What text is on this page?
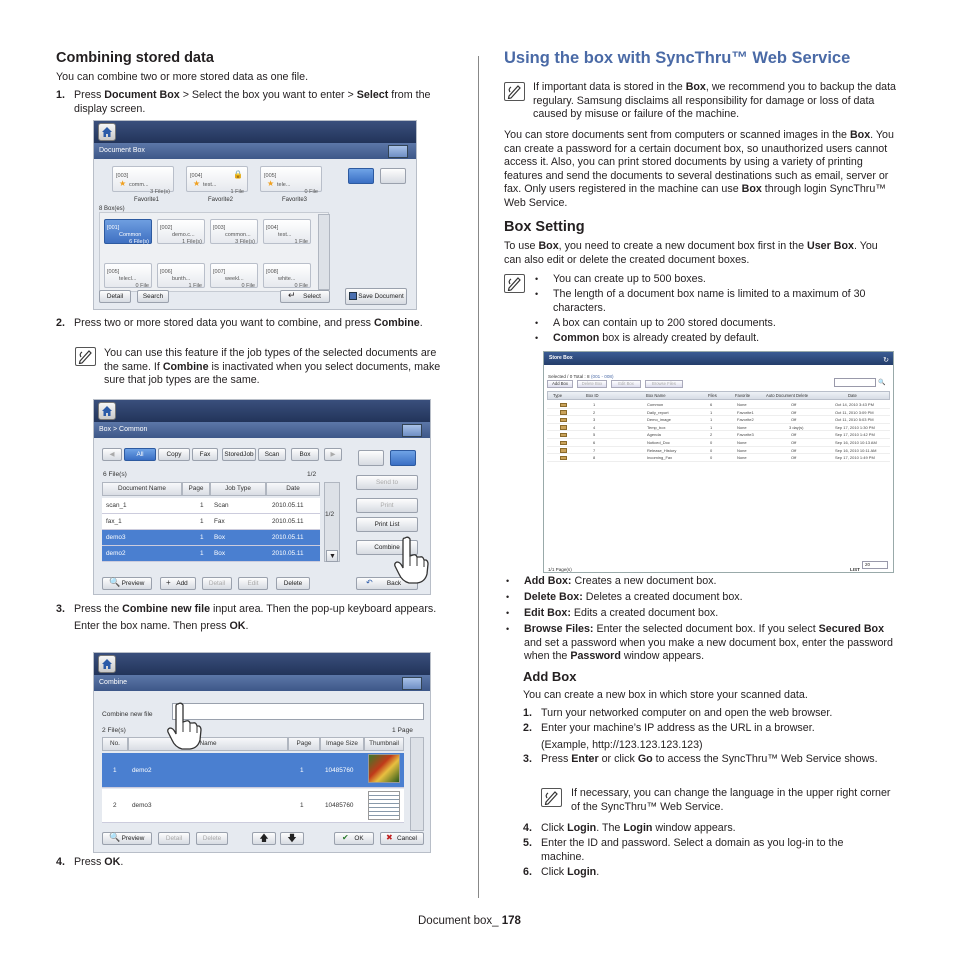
Combining stored data
You can combine two or more stored data as one file.
1. Press Document Box > Select the box you want to enter > Select from the display screen.
Document Box
[003]
★ comm...
3 File(s)
[004]	🔒
★ test...
1 File
[005]
★ tele...
0 File
Favorite1	Favorite2	Favorite3
8 Box(es)
[001]
Common
6 File(s)
[002]
demo.c...
1 File(s)
[003]
common...
3 File(s)
[004]
test...
1 File
[005]
telecl...
0 File
[006]
bunth...
1 File
[007]
weekl...
0 File
[008]
white...
0 File
Detail	Search	Select
↵	Save Document
2. Press two or more stored data you want to combine, and press Combine.
You can use this feature if the job types of the selected documents are the same. If Combine is inactivated when you select documents, make sure that job types are the same.
Box > Common
◀	All	Copy	Fax	StoredJob	Scan	Box	▶
6 File(s)	1/2
Document Name	Page	Job Type	Date
scan_1	1 Scan	2010.05.11
fax_1	1 Fax	2010.05.11
demo3	1 Box	2010.05.11
demo2	1 Box	2010.05.11
1/2
▼
Send to
Print
Print List
Combine
Preview
🔍	Add
+	Detail	Edit	Delete	Back
↶
3. Press the Combine new file input area. Then the pop-up keyboard appears.
Enter the box name. Then press OK.
Combine
Combine new file
2 File(s)	1 Page
No.	Name	Page	Image Size	Thumbnail
1 demo2	1	10485760
2 demo3	1	10485760
Preview
🔍	Detail	Delete	🡅	🡇	OK
✔	Cancel
✖
4. Press OK.
Using the box with SyncThru™ Web Service
If important data is stored in the Box, we recommend you to backup the data regulary. Samsung disclaims all responsibility for damage or loss of data caused by misuse or failure of the machine.
You can store documents sent from computers or scanned images in the Box. You can create a password for a certain document box, so unauthorized users cannot access it. Also, you can print stored documents by using a variety of printing features and send the documents to several destinations such as email, server or fax. Only users registered in the machine can use Box through login SyncThru™ Web Service.
Box Setting
To use Box, you need to create a new document box first in the User Box. You can also edit or delete the created document boxes.
• You can create up to 500 boxes.
• The length of a document box name is limited to a maximum of 30 characters.
• A box can contain up to 200 stored documents.
• Common box is already created by default.
Store Box	↻
Selected / 0 Total : 8 (001 - 008)
Add Box	Delete Box	Edit Box	Browse Files	🔍
Type	Box ID	Box Name	Files	Favorite	Auto Document Delete	Date
1	Common	6	None	Off	Oct 14, 2010 3:43 PM
2	Daily_report	1	Favorite1	Off	Oct 11, 2010 3:09 PM
3	Demo_image	1	Favorite2	Off	Oct 11, 2010 5:03 PM
4	Temp_box	1	None	3 day(s)	Sep 17, 2010 1:30 PM
5	Agenda	2	Favorite3	Off	Sep 17, 2010 1:42 PM
6	Noticed_Doc	0	None	Off	Sep 16, 2010 10:13 AM
7	Release_History	0	None	Off	Sep 16, 2010 10:11 AM
8	Incoming_Fax	0	None	Off	Sep 17, 2010 1:49 PM
1/1 Page(s)	LIST
20
• Add Box: Creates a new document box.
• Delete Box: Deletes a created document box.
• Edit Box: Edits a created document box.
• Browse Files: Enter the selected document box. If you select Secured Box and set a password when you make a new document box, enter the password when the Password window appears.
Add Box
You can create a new box in which store your scanned data.
1. Turn your networked computer on and open the web browser.
2. Enter your machine’s IP address as the URL in a browser.
(Example, http://123.123.123.123)
3. Press Enter or click Go to access the SyncThru™ Web Service shows.
If necessary, you can change the language in the upper right corner of the SyncThru™ Web Service.
4. Click Login. The Login window appears.
5. Enter the ID and password. Select a domain as you log-in to the machine.
6. Click Login.
Document box_ 178
